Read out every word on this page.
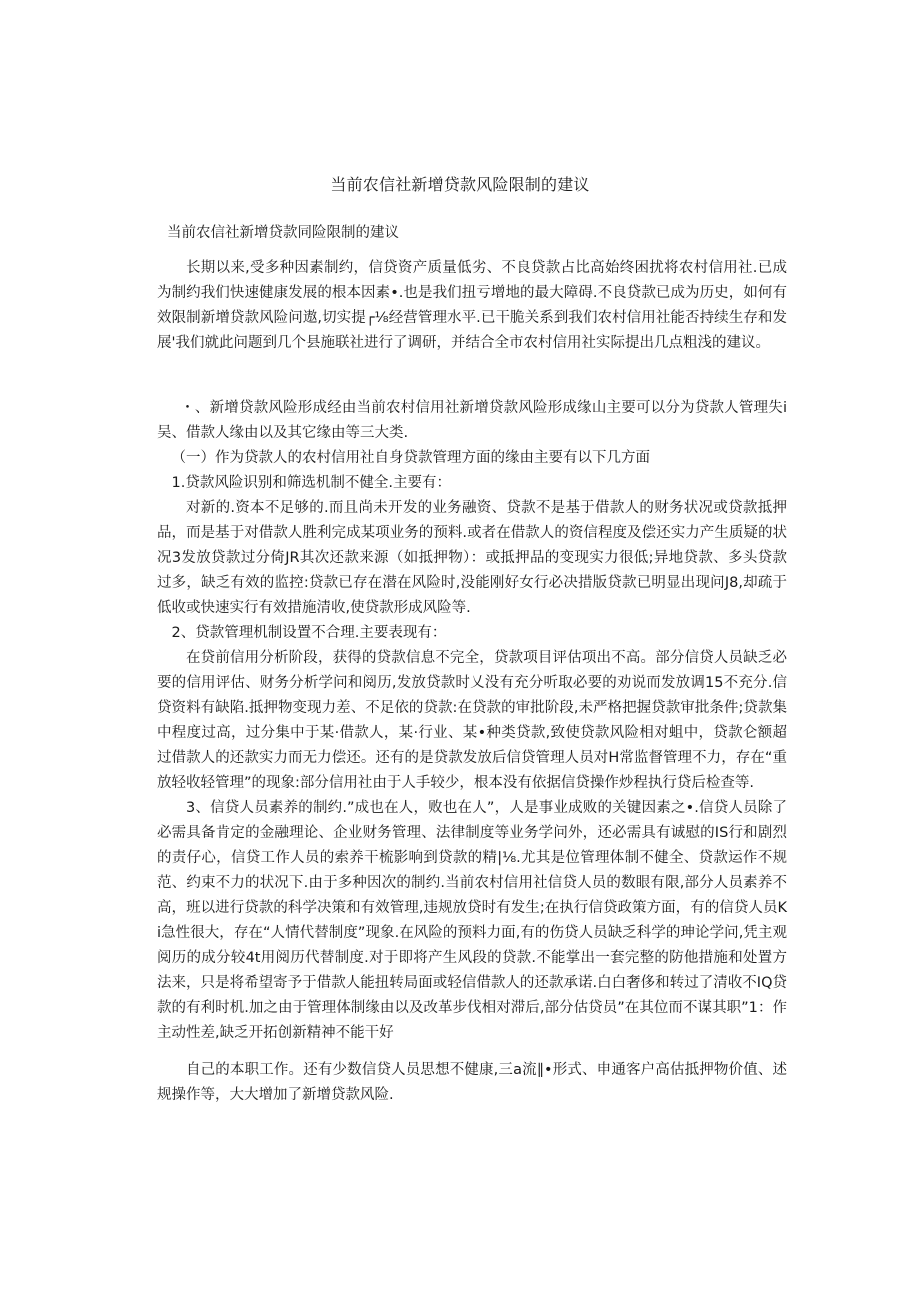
当前农信社新增贷款风险限制的建议

当前农信社新增贷款同险限制的建议

长期以来,受多种因素制约，信贷资产质量低劣、不良贷款占比高始终困扰将农村信用社.已成为制约我们快速健康发展的根本因素•.也是我们扭亏增地的最大障碍.不良贷款已成为历史，如何有效限制新增贷款风险问遨,切实提┌⅛经营管理水平.已干脆关系到我们农村信用社能否持续生存和发展'我们就此问题到几个县施联社进行了调研，并结合全市农村信用社实际提出几点粗浅的建议。

・、新增贷款风险形成经由当前农村信用社新增贷款风险形成缘山主要可以分为贷款人管理失i吴、借款人缘由以及其它缘由等三大类.

（一）作为贷款人的农村信用社自身贷款管理方面的缘由主要有以下几方面

1.贷款风险识别和筛选机制不健全.主要有：

对新的.资本不足够的.而且尚未开发的业务融资、贷款不是基于借款人的财务状况或贷款抵押品，而是基于对借款人胜利完成某项业务的预料.或者在借款人的资信程度及偿还实力产生质疑的状况3发放贷款过分倚JR其次还款来源（如抵押物）：或抵押品的变现实力很低;异地贷款、多头贷款过多，缺乏有效的监控:贷款已存在潜在风险时,没能刚好女行必决措版贷款已明显出现问J8,却疏于低收或快速实行有效措施清收,使贷款形成风险等.

2、贷款管理机制设置不合理.主要表现有：

在贷前信用分析阶段，获得的贷款信息不完全，贷款项目评估项出不高。部分信贷人员缺乏必要的信用评估、财务分析学问和阅历,发放贷款时乂没有充分听取必要的劝说而发放调15不充分.信贷资料有缺陷.抵押物变现力差、不足依的贷款:在贷款的审批阶段,未严格把握贷款审批条件;贷款集中程度过高，过分集中于某·借款人，某·行业、某•种类贷款,致使贷款风险相对蛆中，贷款仑额超过借款人的还款实力而无力偿还。还有的是贷款发放后信贷管理人员对H常监督管理不力，存在“重放轻收轻管理”的现象:部分信用社由于人手较少，根本没有依据信贷操作炒程执行贷后检查等.

3、信贷人员素养的制约.”成也在人，败也在人”，人是事业成败的关键因素之•.信贷人员除了必需具备肯定的金融理论、企业财务管理、法律制度等业务学问外，还必需具有诚慰的IS行和剧烈的责仔心，信贷工作人员的索养干梳影响到贷款的精|⅛.尤其是位管理体制不健全、贷款运作不规范、约束不力的状况下.由于多种因次的制约.当前农村信用社信贷人员的数眼有限,部分人员素养不高，班以进行贷款的科学决策和有效管理,违规放贷时有发生;在执行信贷政策方面，有的信贷人员Ki急性很大，存在“人情代替制度”现象.在风险的预料力面,有的伤贷人员缺乏科学的珅论学问,凭主观阅历的成分较4t用阅历代替制度.对于即将产生风段的贷款.不能掌出一套完整的防他措施和处置方法来，只是将希望寄予于借款人能扭转局面或轻信借款人的还款承诺.白白奢侈和转过了清收不IQ贷款的有利时机.加之由于管理体制缘由以及改革步伐相对滞后,部分估贷员”在其位而不谋其职”1：作主动性差,缺乏开拓创新精神不能干好

自己的本职工作。还有少数信贷人员思想不健康,三a流∥•形式、申通客户高估抵押物价值、述规操作等，大大增加了新增贷款风险.
